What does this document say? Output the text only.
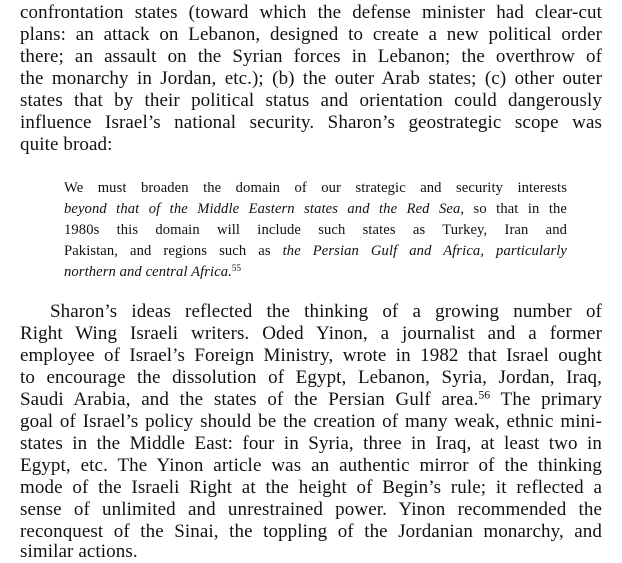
confrontation states (toward which the defense minister had clear-cut
plans: an attack on Lebanon, designed to create a new political order
there; an assault on the Syrian forces in Lebanon; the overthrow of
the monarchy in Jordan, etc.); (b) the outer Arab states; (c) other outer
states that by their political status and orientation could dangerously
influence Israel’s national security. Sharon’s geostrategic scope was
quite broad:
We must broaden the domain of our strategic and security interests
beyond that of the Middle Eastern states and the Red Sea, so that in the
1980s this domain will include such states as Turkey, Iran and
Pakistan, and regions such as the Persian Gulf and Africa, particularly
northern and central Africa.$^{55}$
Sharon’s ideas reflected the thinking of a growing number of
Right Wing Israeli writers. Oded Yinon, a journalist and a former
employee of Israel’s Foreign Ministry, wrote in 1982 that Israel ought
to encourage the dissolution of Egypt, Lebanon, Syria, Jordan, Iraq,
Saudi Arabia, and the states of the Persian Gulf area.$^{56}$ The primary
goal of Israel’s policy should be the creation of many weak, ethnic mini-
states in the Middle East: four in Syria, three in Iraq, at least two in
Egypt, etc. The Yinon article was an authentic mirror of the thinking
mode of the Israeli Right at the height of Begin’s rule; it reflected a
sense of unlimited and unrestrained power. Yinon recommended the
reconquest of the Sinai, the toppling of the Jordanian monarchy, and
similar actions.
